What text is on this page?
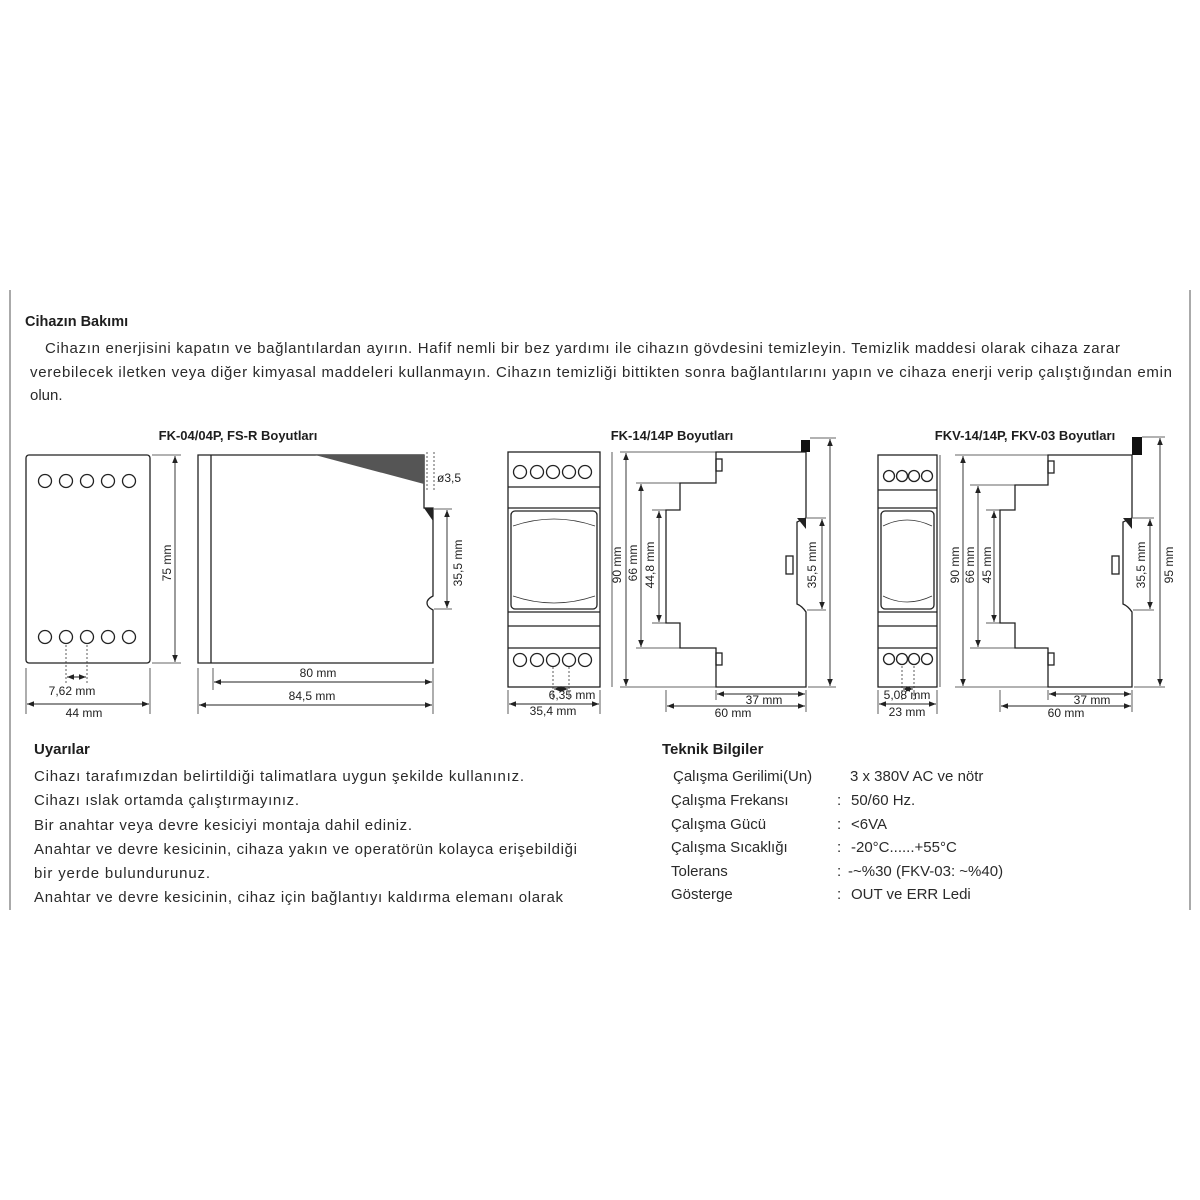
Cihazın Bakımı
Cihazın enerjisini kapatın ve bağlantılardan ayırın. Hafif nemli bir bez yardımı ile cihazın gövdesini temizleyin. Temizlik maddesi olarak cihaza zarar
verebilecek iletken veya diğer kimyasal maddeleri kullanmayın. Cihazın temizliği bittikten sonra bağlantılarını yapın ve cihaza enerji verip çalıştığından emin
olun.
FK-04/04P, FS-R Boyutları
75 mm
7,62 mm
44 mm
ø3,5
35,5 mm
80 mm
84,5 mm
FK-14/14P Boyutları
6,35 mm
35,4 mm
90 mm 66 mm 44,8 mm	35,5 mm
37 mm
60 mm
FKV-14/14P, FKV-03 Boyutları
5,08 mm
23 mm
90 mm 66 mm 45 mm	95 mm
35,5 mm
37 mm
60 mm
Uyarılar
Cihazı tarafımızdan belirtildiği talimatlara uygun şekilde kullanınız.
Cihazı ıslak ortamda çalıştırmayınız.
Bir anahtar veya devre kesiciyi montaja dahil ediniz.
Anahtar ve devre kesicinin, cihaza yakın ve operatörün kolayca erişebildiği
bir yerde bulundurunuz.
Anahtar ve devre kesicinin, cihaz için bağlantıyı kaldırma elemanı olarak
Teknik Bilgiler
Çalışma Gerilimi(Un)	3 x 380V AC ve nötr
Çalışma Frekansı	: 50/60 Hz.
Çalışma Gücü	: <6VA
Çalışma Sıcaklığı	: -20°C......+55°C
Tolerans	: -~%30 (FKV-03: ~%40)
Gösterge	: OUT ve ERR Ledi
